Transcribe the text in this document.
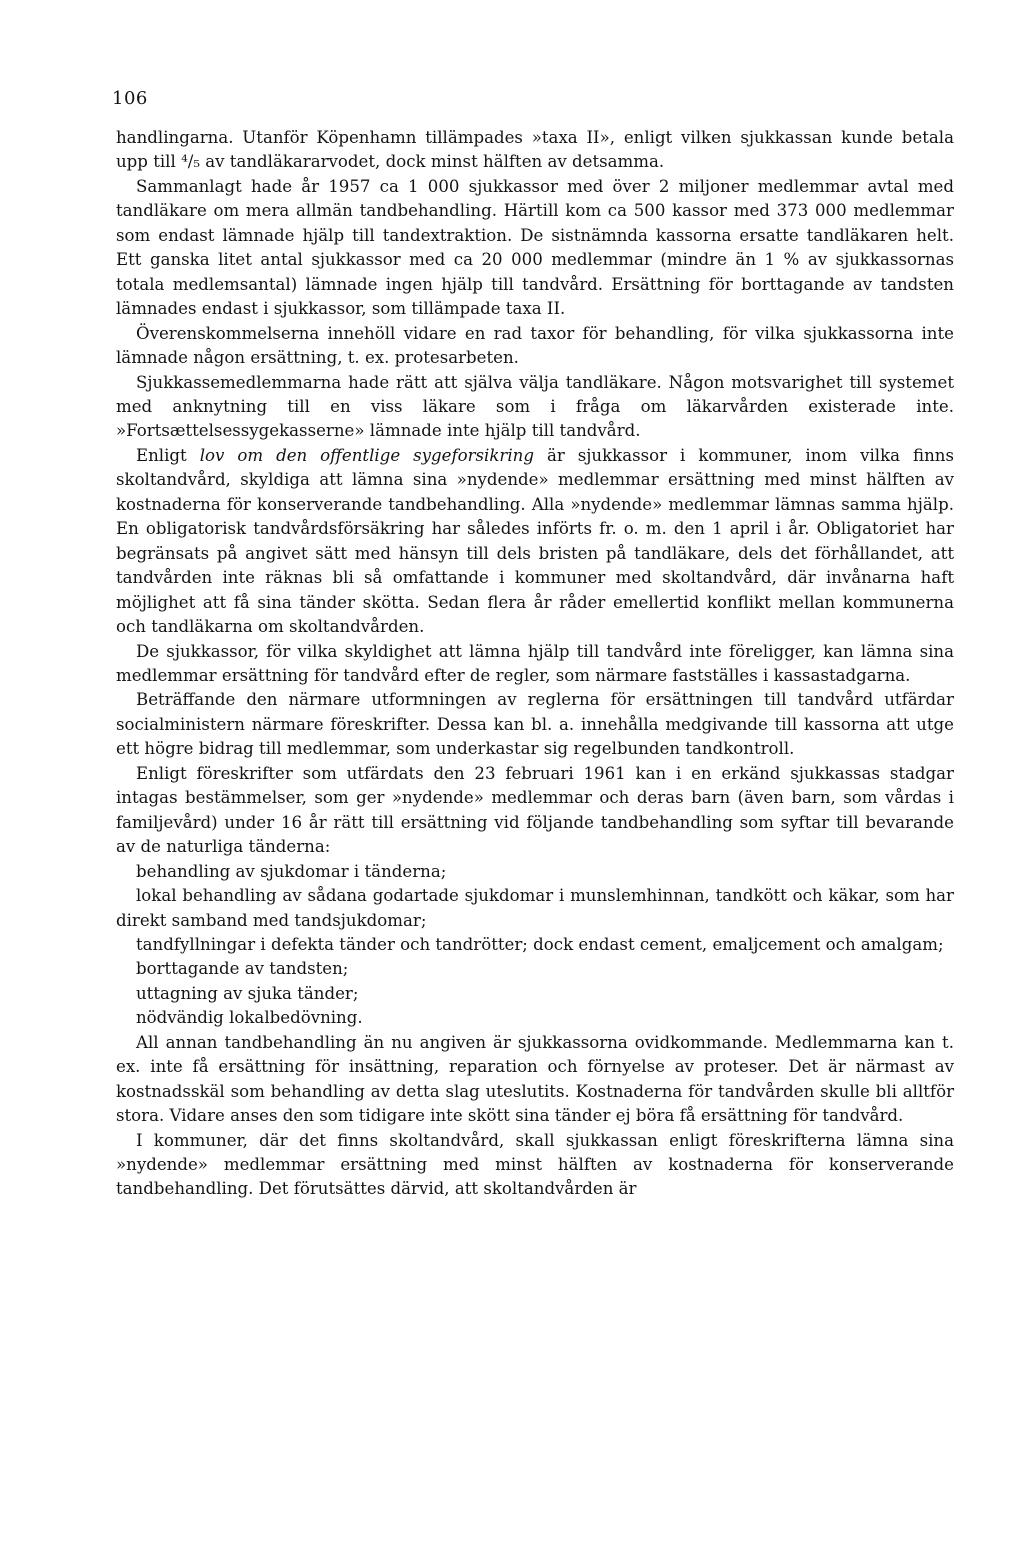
106

handlingarna. Utanför Köpenhamn tillämpades »taxa II», enligt vilken sjukkassan kunde betala upp till ⁴/₅ av tandläkararvodet, dock minst hälften av detsamma.

Sammanlagt hade år 1957 ca 1 000 sjukkassor med över 2 miljoner medlemmar avtal med tandläkare om mera allmän tandbehandling. Härtill kom ca 500 kassor med 373 000 medlemmar som endast lämnade hjälp till tandextraktion. De sistnämnda kassorna ersatte tandläkaren helt. Ett ganska litet antal sjukkassor med ca 20 000 medlemmar (mindre än 1 % av sjukkassornas totala medlemsantal) lämnade ingen hjälp till tandvård. Ersättning för borttagande av tandsten lämnades endast i sjukkassor, som tillämpade taxa II.

Överenskommelserna innehöll vidare en rad taxor för behandling, för vilka sjukkassorna inte lämnade någon ersättning, t. ex. protesarbeten.

Sjukkassemedlemmarna hade rätt att själva välja tandläkare. Någon motsvarighet till systemet med anknytning till en viss läkare som i fråga om läkarvården existerade inte. »Fortsættelsessygekasserne» lämnade inte hjälp till tandvård.

Enligt lov om den offentlige sygeforsikring är sjukkassor i kommuner, inom vilka finns skoltandvård, skyldiga att lämna sina »nydende» medlemmar ersättning med minst hälften av kostnaderna för konserverande tandbehandling. Alla »nydende» medlemmar lämnas samma hjälp. En obligatorisk tandvårdsförsäkring har således införts fr. o. m. den 1 april i år. Obligatoriet har begränsats på angivet sätt med hänsyn till dels bristen på tandläkare, dels det förhållandet, att tandvården inte räknas bli så omfattande i kommuner med skoltandvård, där invånarna haft möjlighet att få sina tänder skötta. Sedan flera år råder emellertid konflikt mellan kommunerna och tandläkarna om skoltandvården.

De sjukkassor, för vilka skyldighet att lämna hjälp till tandvård inte föreligger, kan lämna sina medlemmar ersättning för tandvård efter de regler, som närmare fastställes i kassastadgarna.

Beträffande den närmare utformningen av reglerna för ersättningen till tandvård utfärdar socialministern närmare föreskrifter. Dessa kan bl. a. innehålla medgivande till kassorna att utge ett högre bidrag till medlemmar, som underkastar sig regelbunden tandkontroll.

Enligt föreskrifter som utfärdats den 23 februari 1961 kan i en erkänd sjukkassas stadgar intagas bestämmelser, som ger »nydende» medlemmar och deras barn (även barn, som vårdas i familjevård) under 16 år rätt till ersättning vid följande tandbehandling som syftar till bevarande av de naturliga tänderna:

behandling av sjukdomar i tänderna;

lokal behandling av sådana godartade sjukdomar i munslemhinnan, tandkött och käkar, som har direkt samband med tandsjukdomar;

tandfyllningar i defekta tänder och tandrötter; dock endast cement, emaljcement och amalgam;

borttagande av tandsten;

uttagning av sjuka tänder;

nödvändig lokalbedövning.

All annan tandbehandling än nu angiven är sjukkassorna ovidkommande. Medlemmarna kan t. ex. inte få ersättning för insättning, reparation och förnyelse av proteser. Det är närmast av kostnadsskäl som behandling av detta slag uteslutits. Kostnaderna för tandvården skulle bli alltför stora. Vidare anses den som tidigare inte skött sina tänder ej böra få ersättning för tandvård.

I kommuner, där det finns skoltandvård, skall sjukkassan enligt föreskrifterna lämna sina »nydende» medlemmar ersättning med minst hälften av kostnaderna för konserverande tandbehandling. Det förutsättes därvid, att skoltandvården är
